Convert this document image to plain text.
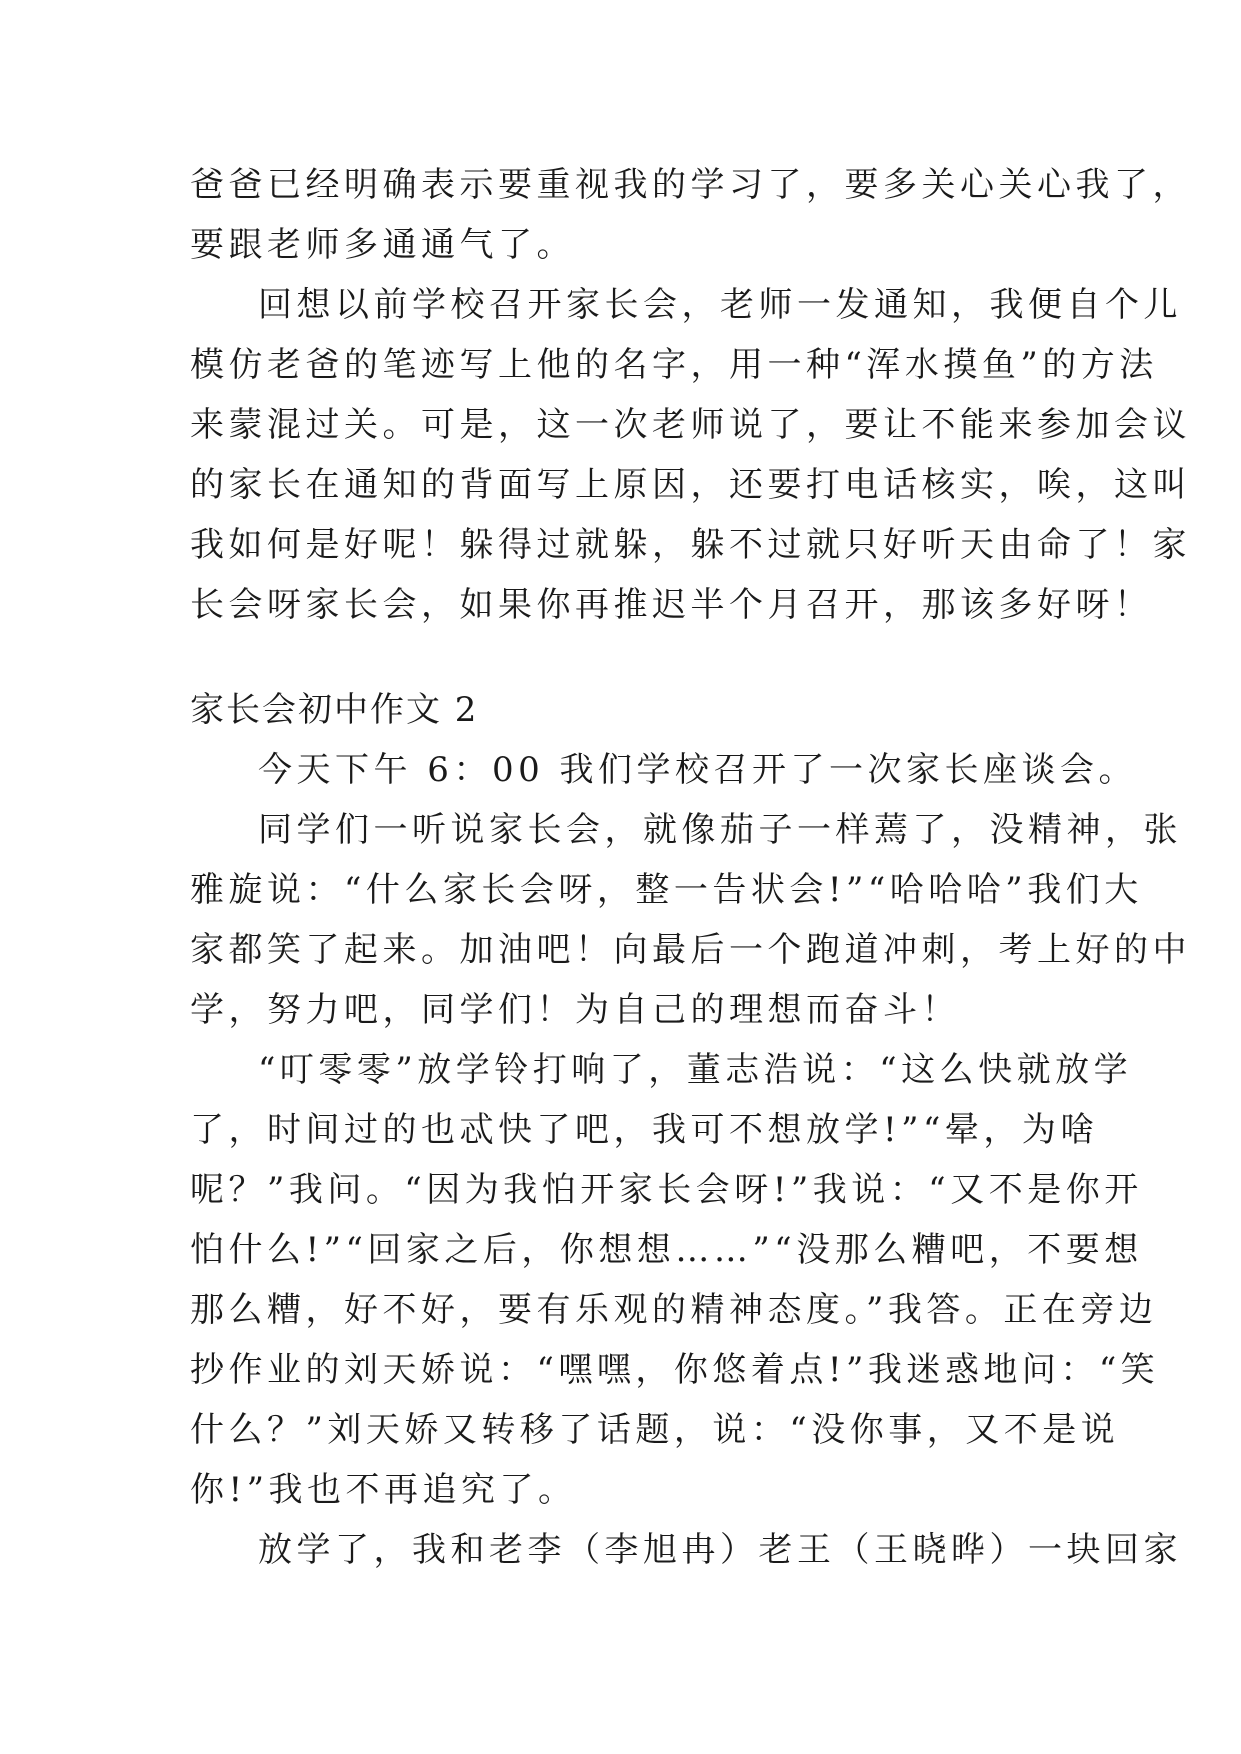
爸爸已经明确表示要重视我的学习了，要多关心关心我了，
要跟老师多通通气了。
回想以前学校召开家长会，老师一发通知，我便自个儿
模仿老爸的笔迹写上他的名字，用一种“浑水摸鱼”的方法
来蒙混过关。可是，这一次老师说了，要让不能来参加会议
的家长在通知的背面写上原因，还要打电话核实，唉，这叫
我如何是好呢！躲得过就躲，躲不过就只好听天由命了！家
长会呀家长会，如果你再推迟半个月召开，那该多好呀！
家长会初中作文 2
今天下午 6：00 我们学校召开了一次家长座谈会。
同学们一听说家长会，就像茄子一样蔫了，没精神，张
雅旋说：“什么家长会呀，整一告状会!”“哈哈哈”我们大
家都笑了起来。加油吧！向最后一个跑道冲刺，考上好的中
学，努力吧，同学们！为自己的理想而奋斗！
“叮零零”放学铃打响了，董志浩说：“这么快就放学
了，时间过的也忒快了吧，我可不想放学!”“晕，为啥
呢？”我问。“因为我怕开家长会呀!”我说：“又不是你开
怕什么!”“回家之后，你想想……”“没那么糟吧，不要想
那么糟，好不好，要有乐观的精神态度。”我答。正在旁边
抄作业的刘天娇说：“嘿嘿，你悠着点!”我迷惑地问：“笑
什么？”刘天娇又转移了话题，说：“没你事，又不是说
你!”我也不再追究了。
放学了，我和老李（李旭冉）老王（王晓晔）一块回家
